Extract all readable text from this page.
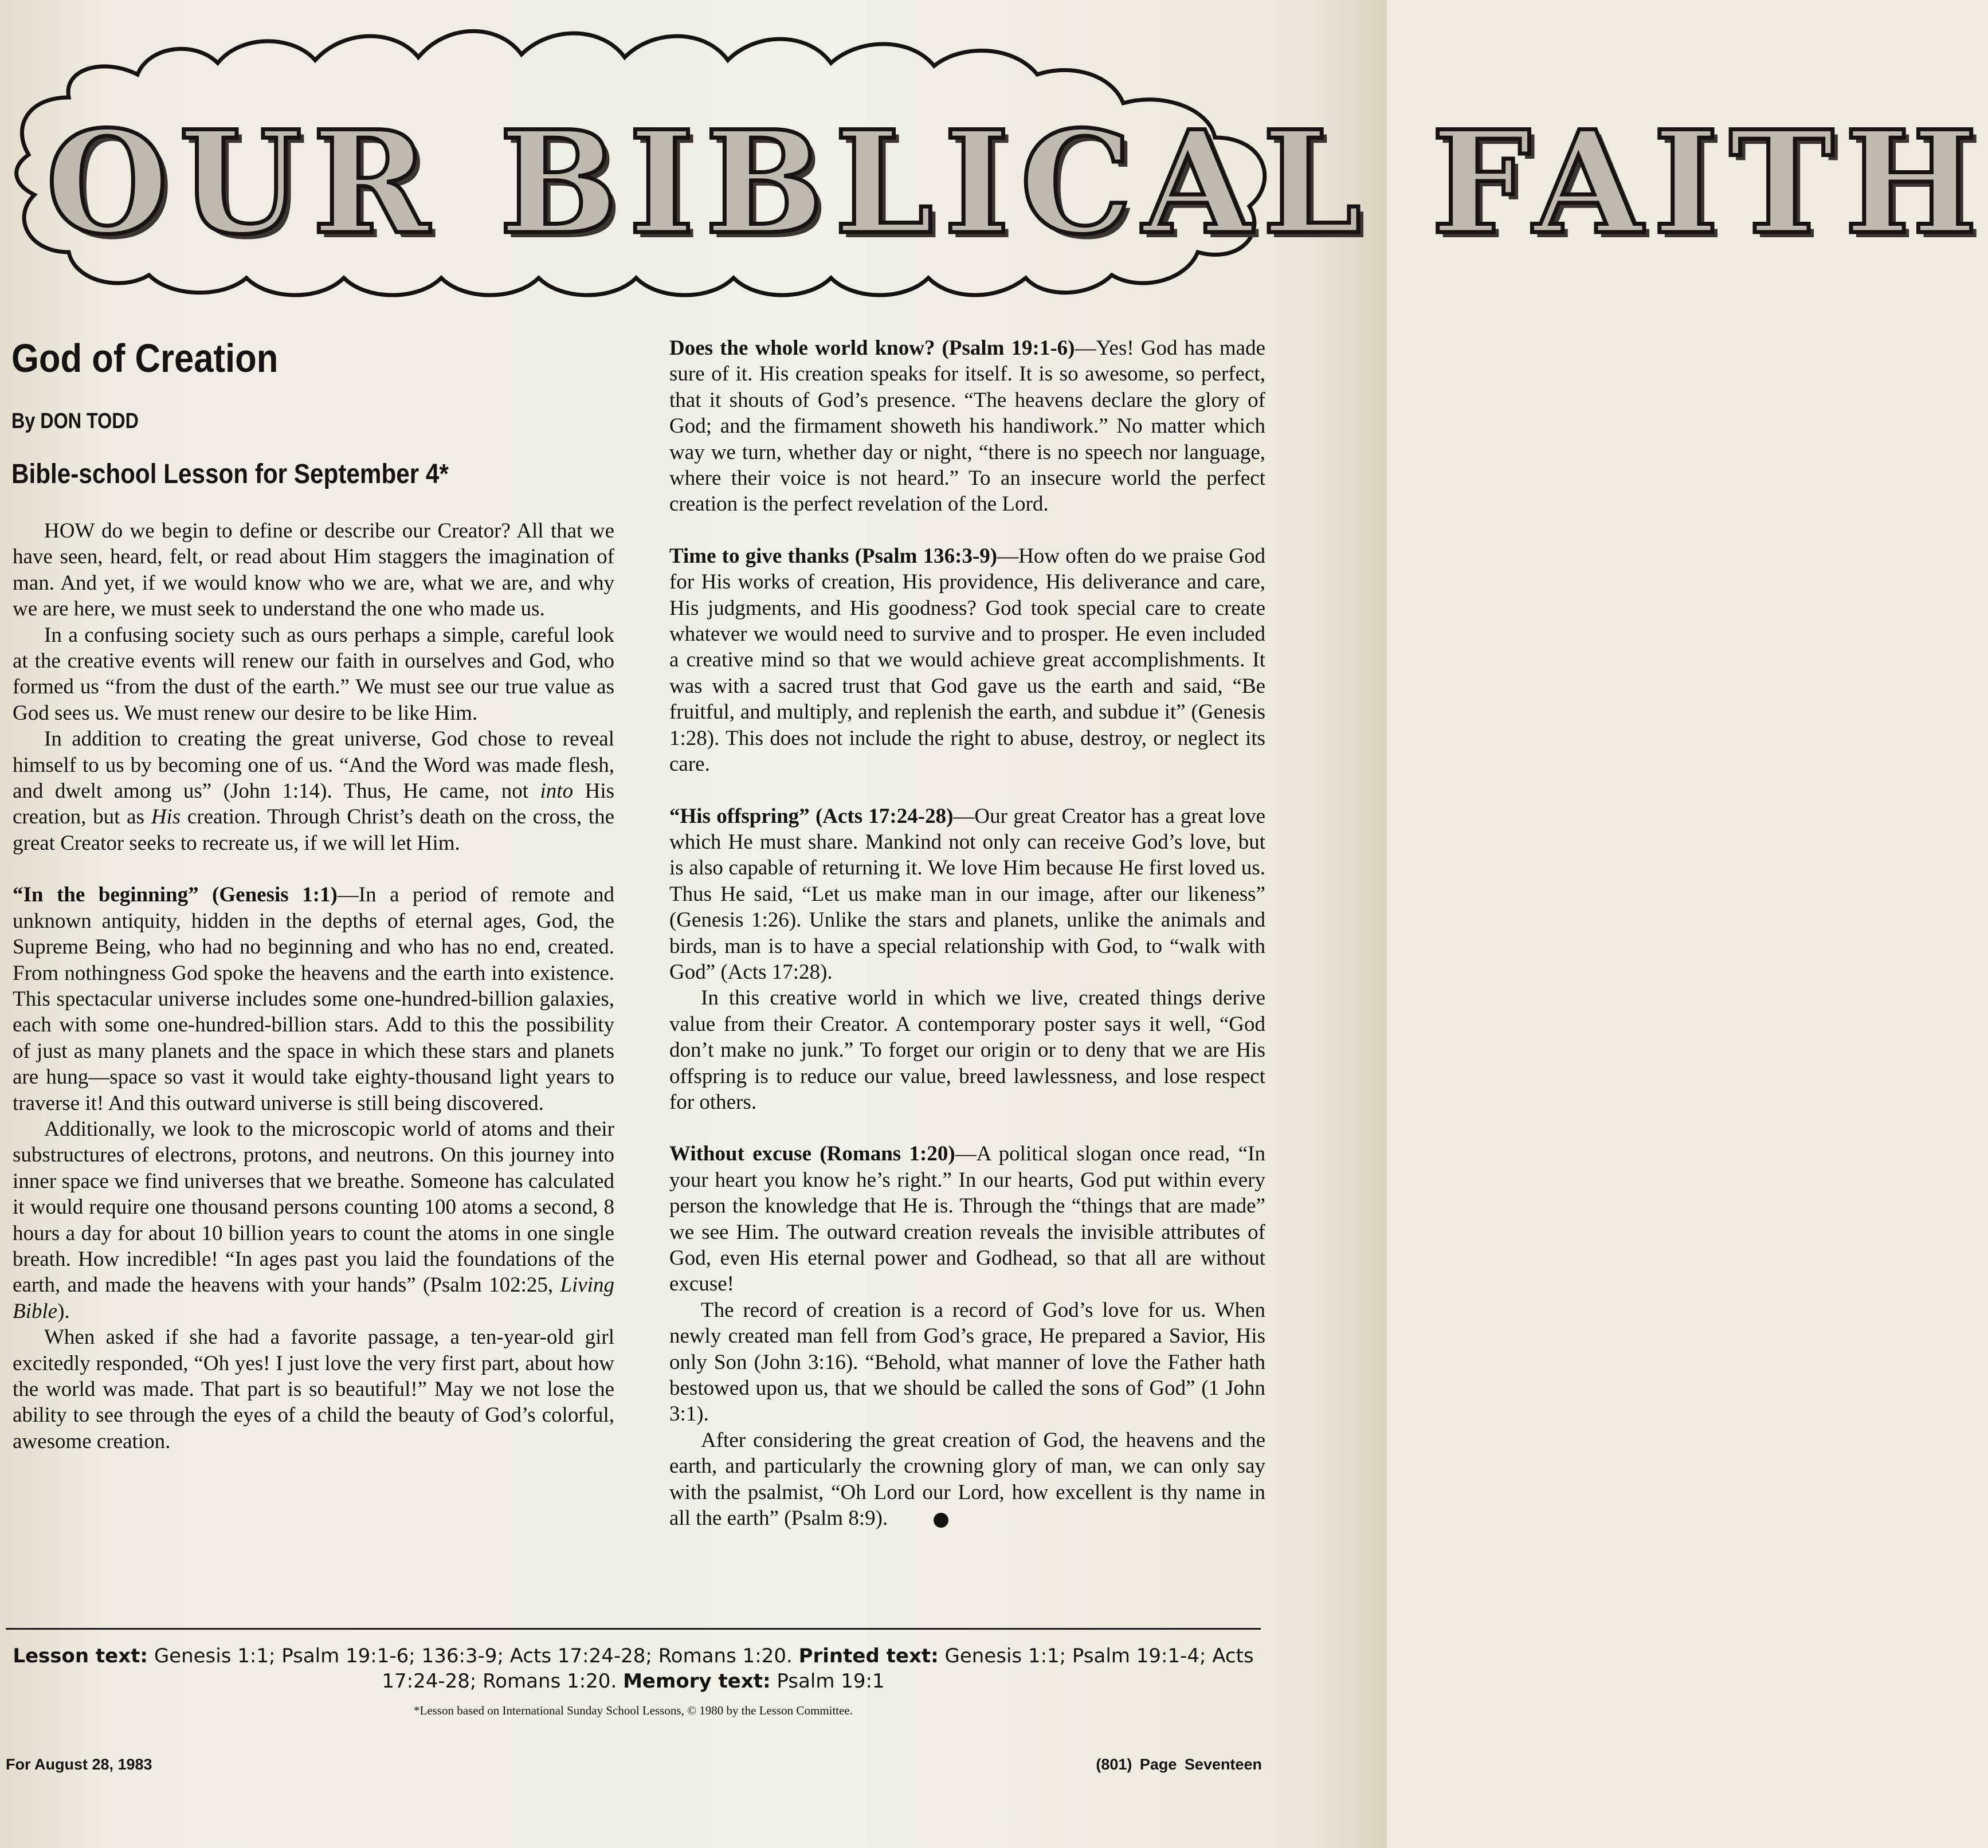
OUR BIBLICAL FAITH
God of Creation
By DON TODD
Bible-school Lesson for September 4*

HOW do we begin to define or describe our Creator? All that we have seen, heard, felt, or read about Him staggers the imagination of man. And yet, if we would know who we are, what we are, and why we are here, we must seek to understand the one who made us.

In a confusing society such as ours perhaps a simple, careful look at the creative events will renew our faith in ourselves and God, who formed us “from the dust of the earth.” We must see our true value as God sees us. We must renew our desire to be like Him.

In addition to creating the great universe, God chose to reveal himself to us by becoming one of us. “And the Word was made flesh, and dwelt among us” (John 1:14). Thus, He came, not into His creation, but as His creation. Through Christ’s death on the cross, the great Creator seeks to recreate us, if we will let Him.

“In the beginning” (Genesis 1:1)—In a period of remote and unknown antiquity, hidden in the depths of eternal ages, God, the Supreme Being, who had no beginning and who has no end, created. From nothingness God spoke the heavens and the earth into existence. This spectacular universe includes some one-hundred-billion galaxies, each with some one-hundred-billion stars. Add to this the possibility of just as many planets and the space in which these stars and planets are hung—space so vast it would take eighty-thousand light years to traverse it! And this outward universe is still being discovered.

Additionally, we look to the microscopic world of atoms and their substructures of electrons, protons, and neutrons. On this journey into inner space we find universes that we breathe. Someone has calculated it would require one thousand persons counting 100 atoms a second, 8 hours a day for about 10 billion years to count the atoms in one single breath. How incredible! “In ages past you laid the foundations of the earth, and made the heavens with your hands” (Psalm 102:25, Living Bible).

When asked if she had a favorite passage, a ten-year-old girl excitedly responded, “Oh yes! I just love the very first part, about how the world was made. That part is so beautiful!” May we not lose the ability to see through the eyes of a child the beauty of God’s colorful, awesome creation.

Does the whole world know? (Psalm 19:1-6)—Yes! God has made sure of it. His creation speaks for itself. It is so awesome, so perfect, that it shouts of God’s presence. “The heavens declare the glory of God; and the firmament showeth his handiwork.” No matter which way we turn, whether day or night, “there is no speech nor language, where their voice is not heard.” To an insecure world the perfect creation is the perfect revelation of the Lord.

Time to give thanks (Psalm 136:3-9)—How often do we praise God for His works of creation, His providence, His deliverance and care, His judgments, and His goodness? God took special care to create whatever we would need to survive and to prosper. He even included a creative mind so that we would achieve great accomplishments. It was with a sacred trust that God gave us the earth and said, “Be fruitful, and multiply, and replenish the earth, and subdue it” (Genesis 1:28). This does not include the right to abuse, destroy, or neglect its care.

“His offspring” (Acts 17:24-28)—Our great Creator has a great love which He must share. Mankind not only can receive God’s love, but is also capable of returning it. We love Him because He first loved us. Thus He said, “Let us make man in our image, after our likeness” (Genesis 1:26). Unlike the stars and planets, unlike the animals and birds, man is to have a special relationship with God, to “walk with God” (Acts 17:28).

In this creative world in which we live, created things derive value from their Creator. A contemporary poster says it well, “God don’t make no junk.” To forget our origin or to deny that we are His offspring is to reduce our value, breed lawlessness, and lose respect for others.

Without excuse (Romans 1:20)—A political slogan once read, “In your heart you know he’s right.” In our hearts, God put within every person the knowledge that He is. Through the “things that are made” we see Him. The outward creation reveals the invisible attributes of God, even His eternal power and Godhead, so that all are without excuse!

The record of creation is a record of God’s love for us. When newly created man fell from God’s grace, He prepared a Savior, His only Son (John 3:16). “Behold, what manner of love the Father hath bestowed upon us, that we should be called the sons of God” (1 John 3:1).

After considering the great creation of God, the heavens and the earth, and particularly the crowning glory of man, we can only say with the psalmist, “Oh Lord our Lord, how excellent is thy name in all the earth” (Psalm 8:9).

Lesson text: Genesis 1:1; Psalm 19:1-6; 136:3-9; Acts 17:24-28; Romans 1:20. Printed text: Genesis 1:1; Psalm 19:1-4; Acts 17:24-28; Romans 1:20. Memory text: Psalm 19:1
*Lesson based on International Sunday School Lessons, © 1980 by the Lesson Committee.
For August 28, 1983	(801) Page Seventeen
